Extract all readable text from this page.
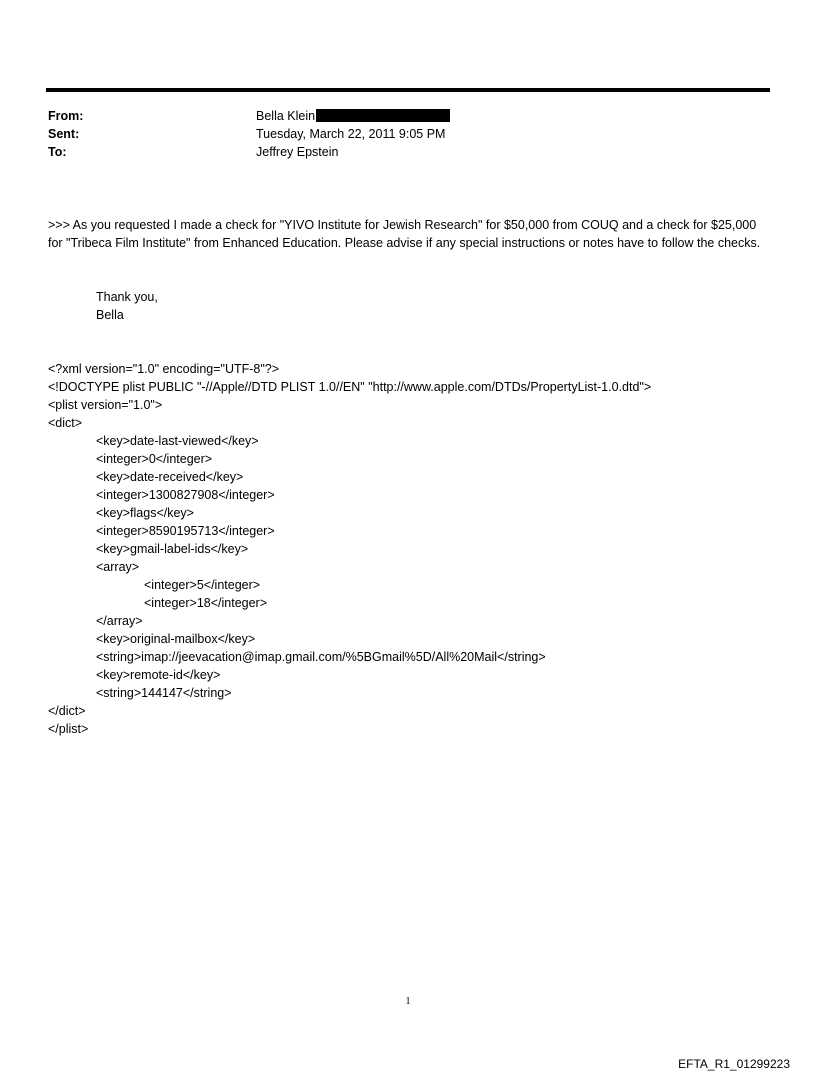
From:	Bella Klein
Sent:	Tuesday, March 22, 2011 9:05 PM
To:	Jeffrey Epstein
>>> As you requested I made a check for "YIVO Institute for Jewish Research" for $50,000 from COUQ and a check for $25,000 for "Tribeca Film Institute" from Enhanced Education. Please advise if any special instructions or notes have to follow the checks.
Thank you,
Bella
<?xml version="1.0" encoding="UTF-8"?>
<!DOCTYPE plist PUBLIC "-//Apple//DTD PLIST 1.0//EN" "http://www.apple.com/DTDs/PropertyList-1.0.dtd">
<plist version="1.0">
<dict>
<key>date-last-viewed</key>
<integer>0</integer>
<key>date-received</key>
<integer>1300827908</integer>
<key>flags</key>
<integer>8590195713</integer>
<key>gmail-label-ids</key>
<array>
<integer>5</integer>
<integer>18</integer>
</array>
<key>original-mailbox</key>
<string>imap://jeevacation@imap.gmail.com/%5BGmail%5D/All%20Mail</string>
<key>remote-id</key>
<string>144147</string>
</dict>
</plist>
1
EFTA_R1_01299223
